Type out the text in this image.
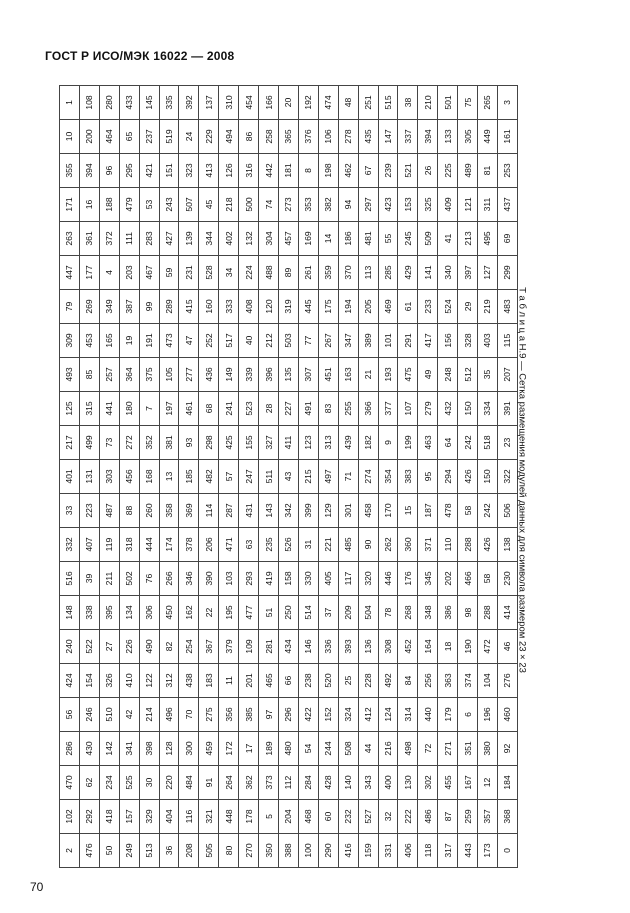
ГОСТ Р ИСО/МЭК 16022 — 2008
2	102	470	286	56	424	240	148	516	332	33	401	217	125	493	309	79	447	263	171	355	10	1
476	292	62	430	246	154	522	338	39	407	223	131	499	315	85	453	269	177	361	16	394	200	108
50	418	234	142	510	326	27	395	211	119	487	303	73	441	257	165	349	4	372	188	96	464	280
249	157	525	341	42	410	226	134	502	318	88	456	272	180	364	19	387	203	111	479	295	65	433
513	329	30	398	214	122	490	306	76	444	260	168	352	7	375	191	99	467	283	53	421	237	145
36	404	220	128	496	312	82	450	266	174	358	13	381	197	105	473	289	59	427	243	151	519	335
208	116	484	300	70	438	254	162	346	378	369	185	93	461	277	47	415	231	139	507	323	24	392
505	321	91	459	275	183	367	22	390	206	114	482	298	68	436	252	160	528	344	45	413	229	137
80	448	264	172	356	11	379	195	103	471	287	57	425	241	149	517	333	34	402	218	126	494	310
270	178	362	17	385	201	109	477	293	63	431	247	155	523	339	40	408	224	132	500	316	86	454
350	5	373	189	97	465	281	51	419	235	143	511	327	28	396	212	120	488	304	74	442	258	166
388	204	112	480	296	66	434	250	158	526	342	43	411	227	135	503	319	89	457	273	181	365	20
100	468	284	54	422	238	146	514	330	31	399	215	123	491	307	77	445	261	169	353	8	376	192
290	60	428	244	152	520	336	37	405	221	129	497	313	83	451	267	175	359	14	382	198	106	474
416	232	140	508	324	25	393	209	117	485	301	71	439	255	163	347	194	370	186	94	462	278	48
159	527	343	44	412	228	136	504	320	90	458	274	182	366	21	389	205	113	481	297	67	435	251
331	32	400	216	124	492	308	78	446	262	170	354	9	377	193	101	469	285	55	423	239	147	515
406	222	130	498	314	84	452	268	176	360	15	383	199	107	475	291	61	429	245	153	521	337	38
118	486	302	72	440	256	164	348	345	371	187	95	463	279	49	417	233	141	509	325	26	394	210
317	87	455	271	179	363	18	386	202	110	478	294	64	432	248	156	524	340	41	409	225	133	501
443	259	167	351	6	374	190	98	466	288	58	426	242	150	512	328	29	397	213	121	489	305	75
173	357	12	380	196	104	472	288	58	426	242	150	518	334	35	403	219	127	495	311	81	449	265
0	368	184	92	460	276	46	414	230	138	506	322	23	391	207	115	483	299	69	437	253	161	3
Т а б л и ц а Н.9 — Сетка размещения модулей данных для символа размером 23 × 23
70
